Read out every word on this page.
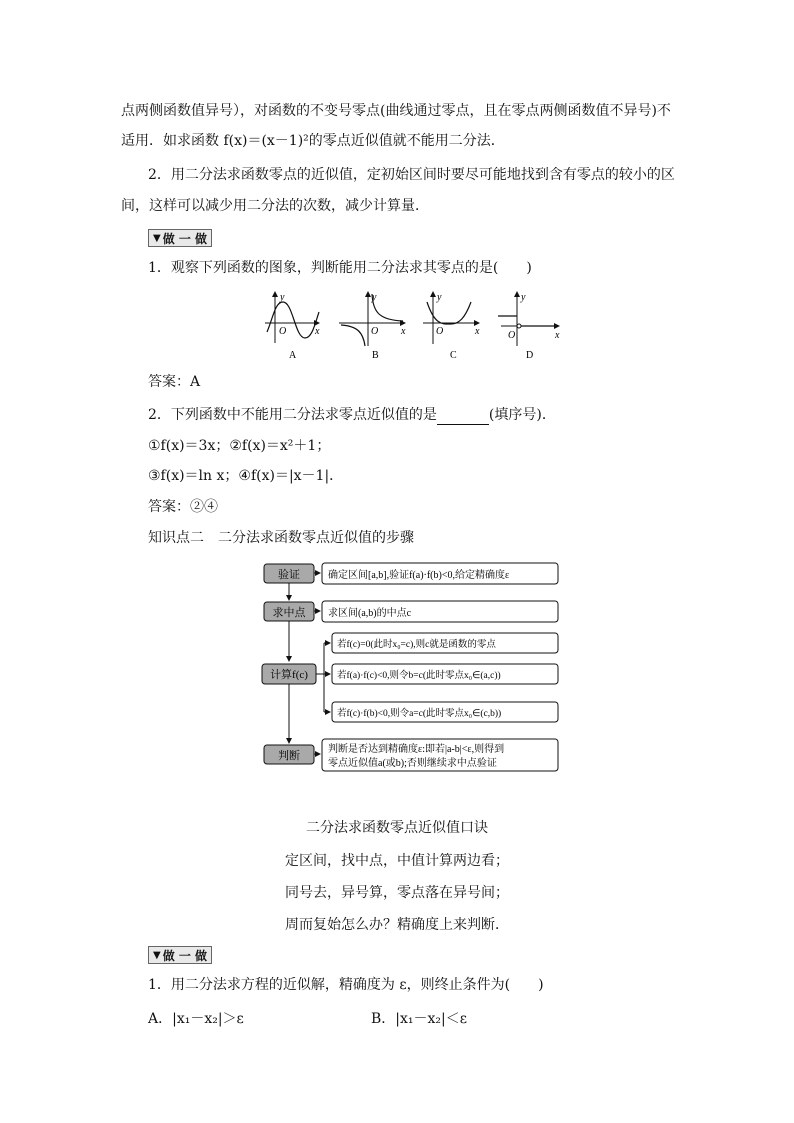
点两侧函数值异号），对函数的不变号零点(曲线通过零点，且在零点两侧函数值不异号)不
适用．如求函数 f(x)＝(x－1)²的零点近似值就不能用二分法．
2．用二分法求函数零点的近似值，定初始区间时要尽可能地找到含有零点的较小的区
间，这样可以减少用二分法的次数，减少计算量．
▼ 做 一 做
1．观察下列函数的图象，判断能用二分法求其零点的是(　　)
y
x
O
A
y
x
O
B
y
x
O
C
y
x
O
D
答案：A
2．下列函数中不能用二分法求零点近似值的是	(填序号)．
①f(x)＝3x；②f(x)＝x²＋1；
③f(x)＝ln x；④f(x)＝|x－1|．
答案：②④
知识点二　二分法求函数零点近似值的步骤
验证
求中点
计算f(c)
判断
确定区间[a,b],验证f(a)·f(b)<0,给定精确度ε
求区间(a,b)的中点c
若f(c)=0(此时x₀=c),则c就是函数的零点
若f(a)·f(c)<0,则令b=c(此时零点x₀∈(a,c))
若f(c)·f(b)<0,则令a=c(此时零点x₀∈(c,b))
判断是否达到精确度ε:即若|a-b|<ε,则得到
零点近似值a(或b);否则继续求中点验证
二分法求函数零点近似值口诀
定区间，找中点，中值计算两边看；
同号去，异号算，零点落在异号间；
周而复始怎么办？精确度上来判断．
▼ 做 一 做
1．用二分法求方程的近似解，精确度为 ε，则终止条件为(　　)
A．|x₁－x₂|＞ε	B．|x₁－x₂|＜ε
